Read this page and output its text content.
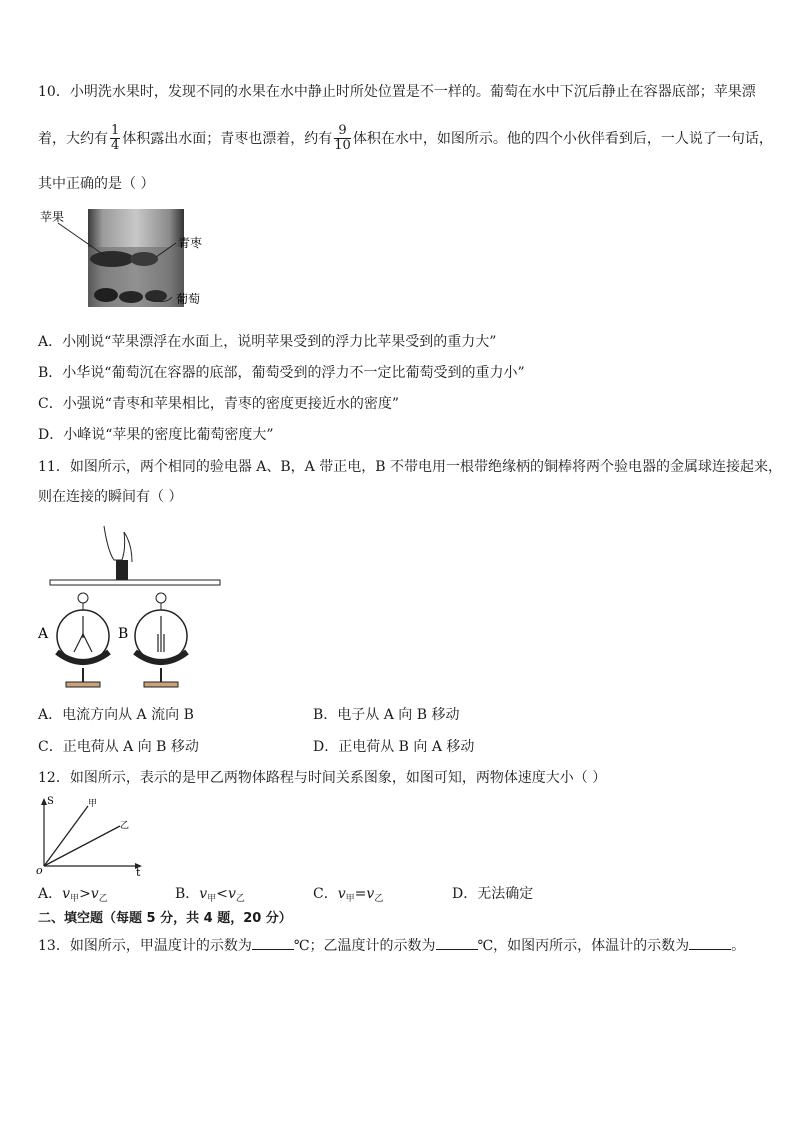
10．小明洗水果时，发现不同的水果在水中静止时所处位置是不一样的。葡萄在水中下沉后静止在容器底部；苹果漂
着，大约有 $\frac{1}{4}$ 体积露出水面；青枣也漂着，约有 $\frac{9}{10}$ 体积在水中，如图所示。他的四个小伙伴看到后，一人说了一句话，
其中正确的是（ ）
苹果
青枣
葡萄
A．小刚说“苹果漂浮在水面上，说明苹果受到的浮力比苹果受到的重力大”
B．小华说“葡萄沉在容器的底部，葡萄受到的浮力不一定比葡萄受到的重力小”
C．小强说“青枣和苹果相比，青枣的密度更接近水的密度”
D．小峰说“苹果的密度比葡萄密度大”
11．如图所示，两个相同的验电器 A、B，A 带正电，B 不带电用一根带绝缘柄的铜棒将两个验电器的金属球连接起来，
则在连接的瞬间有（ ）
A	B
A．电流方向从 A 流向 B	B．电子从 A 向 B 移动
C．正电荷从 A 向 B 移动	D．正电荷从 B 向 A 移动
12．如图所示，表示的是甲乙两物体路程与时间关系图象，如图可知，两物体速度大小（ ）
S
t
o
甲
乙
A．$v_甲>v_乙$	B．$v_甲<v_乙$	C．$v_甲=v_乙$	D．无法确定
二、填空题（每题 5 分，共 4 题，20 分）
13．如图所示，甲温度计的示数为	℃；乙温度计的示数为	℃，如图丙所示，体温计的示数为	。
